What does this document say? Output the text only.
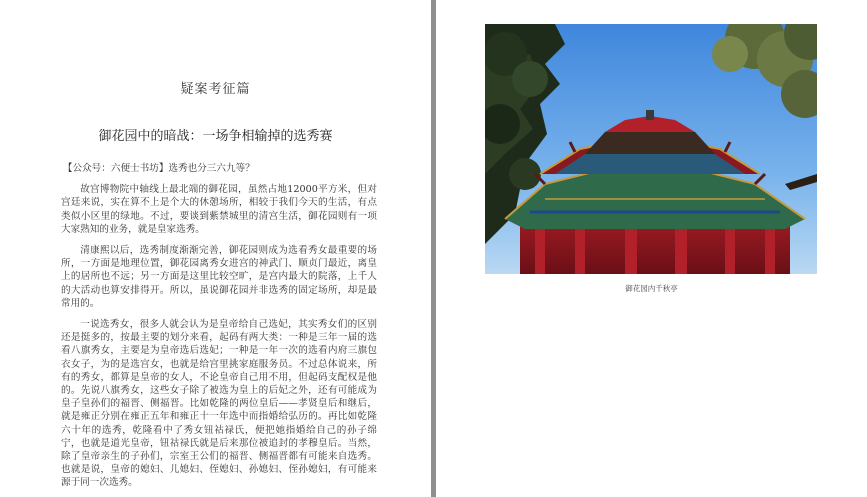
疑案考征篇
御花园中的暗战：一场争相输掉的选秀赛

【公众号：六便士书坊】选秀也分三六九等？

故宫博物院中轴线上最北端的御花园，虽然占地12000平方米，但对宫廷来说，实在算不上是个大的休憩场所，相较于我们今天的生活，有点类似小区里的绿地。不过，要谈到紫禁城里的清宫生活，御花园则有一项大家熟知的业务，就是皇家选秀。

清康熙以后，选秀制度渐渐完善，御花园则成为选看秀女最重要的场所，一方面是地理位置，御花园离秀女进宫的神武门、顺贞门最近，离皇上的居所也不远；另一方面是这里比较空旷，是宫内最大的院落，上千人的大活动也算安排得开。所以，虽说御花园并非选秀的固定场所，却是最常用的。

一说选秀女，很多人就会认为是皇帝给自己选妃，其实秀女们的区别还是挺多的，按最主要的划分来看，起码有两大类：一种是三年一届的选看八旗秀女，主要是为皇帝选后选妃；一种是一年一次的选看内府三旗包衣女子，为的是选宫女，也就是给宫里挑家庭服务员。不过总体说来，所有的秀女，都算是皇帝的女人，不论皇帝自己用不用，但起码支配权是他的。先说八旗秀女，这些女子除了被选为皇上的后妃之外，还有可能成为皇子皇孙们的福晋、侧福晋。比如乾隆的两位皇后——孝贤皇后和继后，就是雍正分别在雍正五年和雍正十一年选中而指婚给弘历的。再比如乾隆六十年的选秀，乾隆看中了秀女钮祜禄氏，便把她指婚给自己的孙子绵宁，也就是道光皇帝，钮祜禄氏就是后来那位被追封的孝穆皇后。当然，除了皇帝亲生的子孙们，宗室王公们的福晋、侧福晋都有可能来自选秀。也就是说，皇帝的媳妇、儿媳妇、侄媳妇、孙媳妇、侄孙媳妇，有可能来源于同一次选秀。

御花园内千秋亭
